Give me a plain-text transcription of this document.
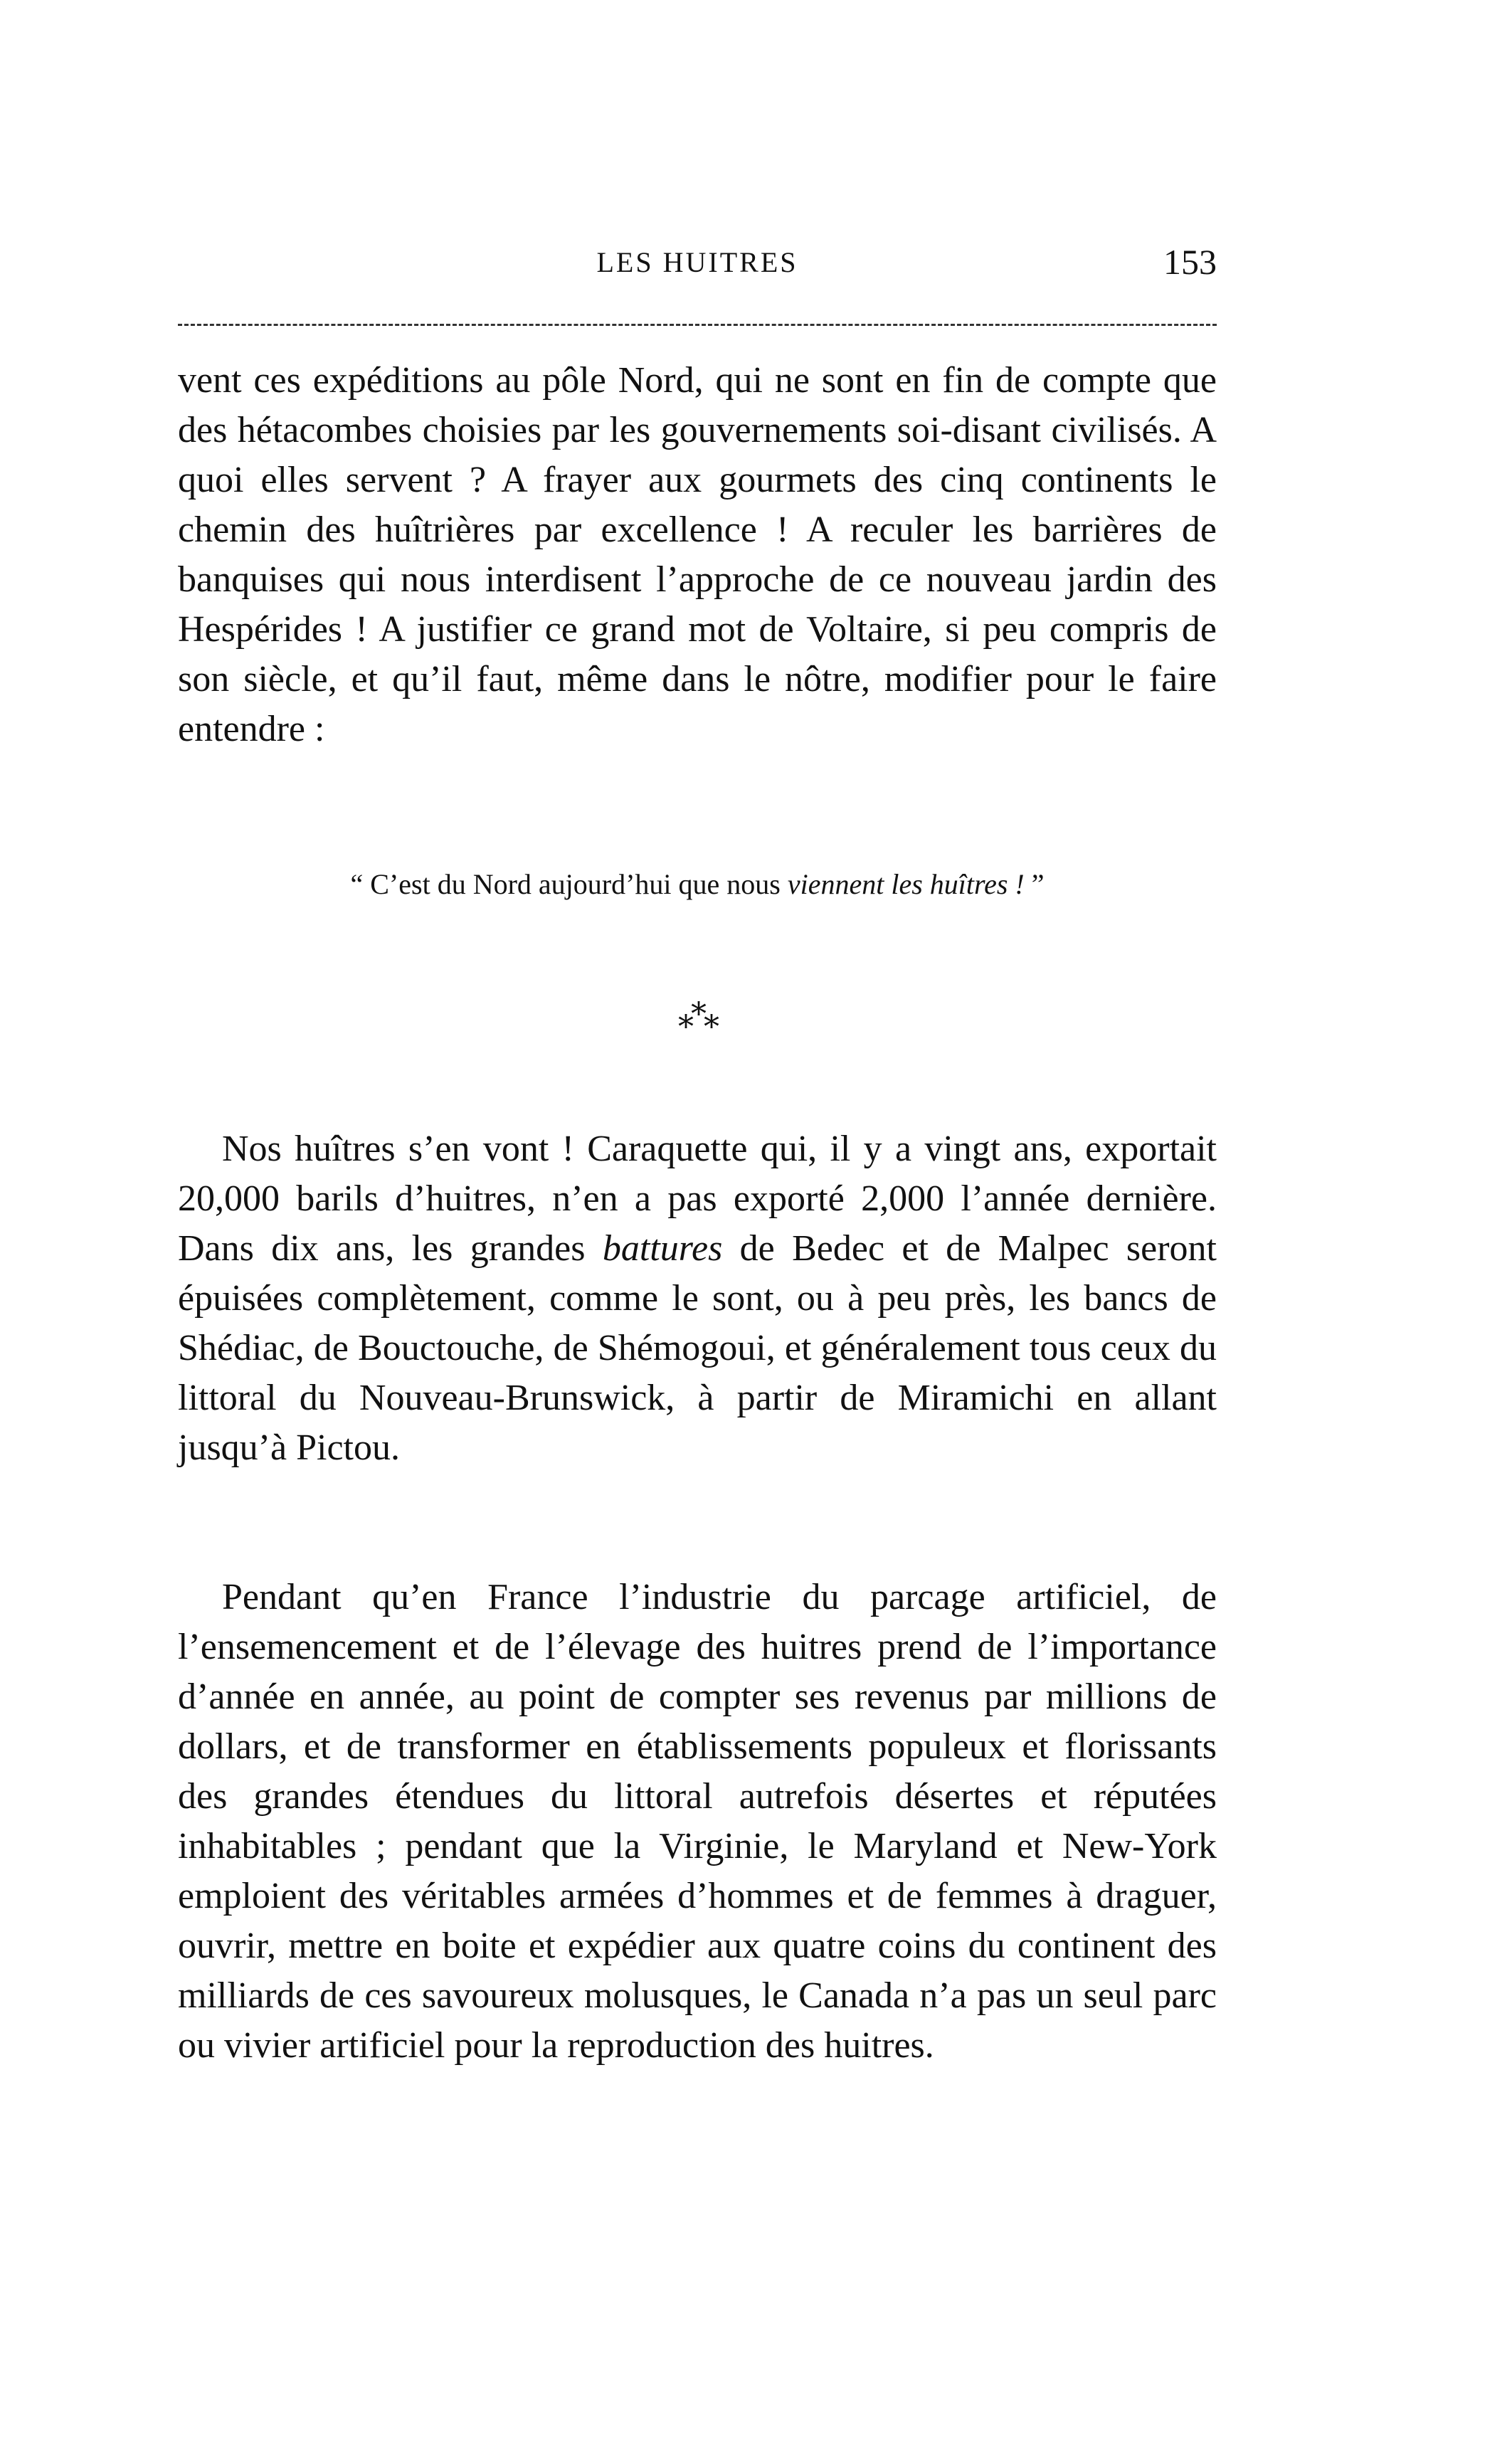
LES HUITRES	153

vent ces expéditions au pôle Nord, qui ne sont en fin de compte que des hétacombes choisies par les gouvernements soi-disant civilisés. A quoi elles servent ? A frayer aux gourmets des cinq continents le chemin des huîtrières par excellence ! A reculer les barrières de banquises qui nous interdisent l’approche de ce nouveau jardin des Hespérides ! A justifier ce grand mot de Voltaire, si peu compris de son siècle, et qu’il faut, même dans le nôtre, modifier pour le faire entendre :

“ C’est du Nord aujourd’hui que nous viennent les huîtres ! ”

⁎⁎⁎

Nos huîtres s’en vont ! Caraquette qui, il y a vingt ans, exportait 20,000 barils d’huitres, n’en a pas exporté 2,000 l’année dernière. Dans dix ans, les grandes battures de Bedec et de Malpec seront épuisées complètement, comme le sont, ou à peu près, les bancs de Shédiac, de Bouctouche, de Shémogoui, et généralement tous ceux du littoral du Nouveau-Brunswick, à partir de Miramichi en allant jusqu’à Pictou.

Pendant qu’en France l’industrie du parcage artificiel, de l’ensemencement et de l’élevage des huitres prend de l’importance d’année en année, au point de compter ses revenus par millions de dollars, et de transformer en établissements populeux et florissants des grandes étendues du littoral autrefois désertes et réputées inhabitables ; pendant que la Virginie, le Maryland et New-York emploient des véritables armées d’hommes et de femmes à draguer, ouvrir, mettre en boite et expédier aux quatre coins du continent des milliards de ces savoureux molusques, le Canada n’a pas un seul parc ou vivier artificiel pour la reproduction des huitres.
